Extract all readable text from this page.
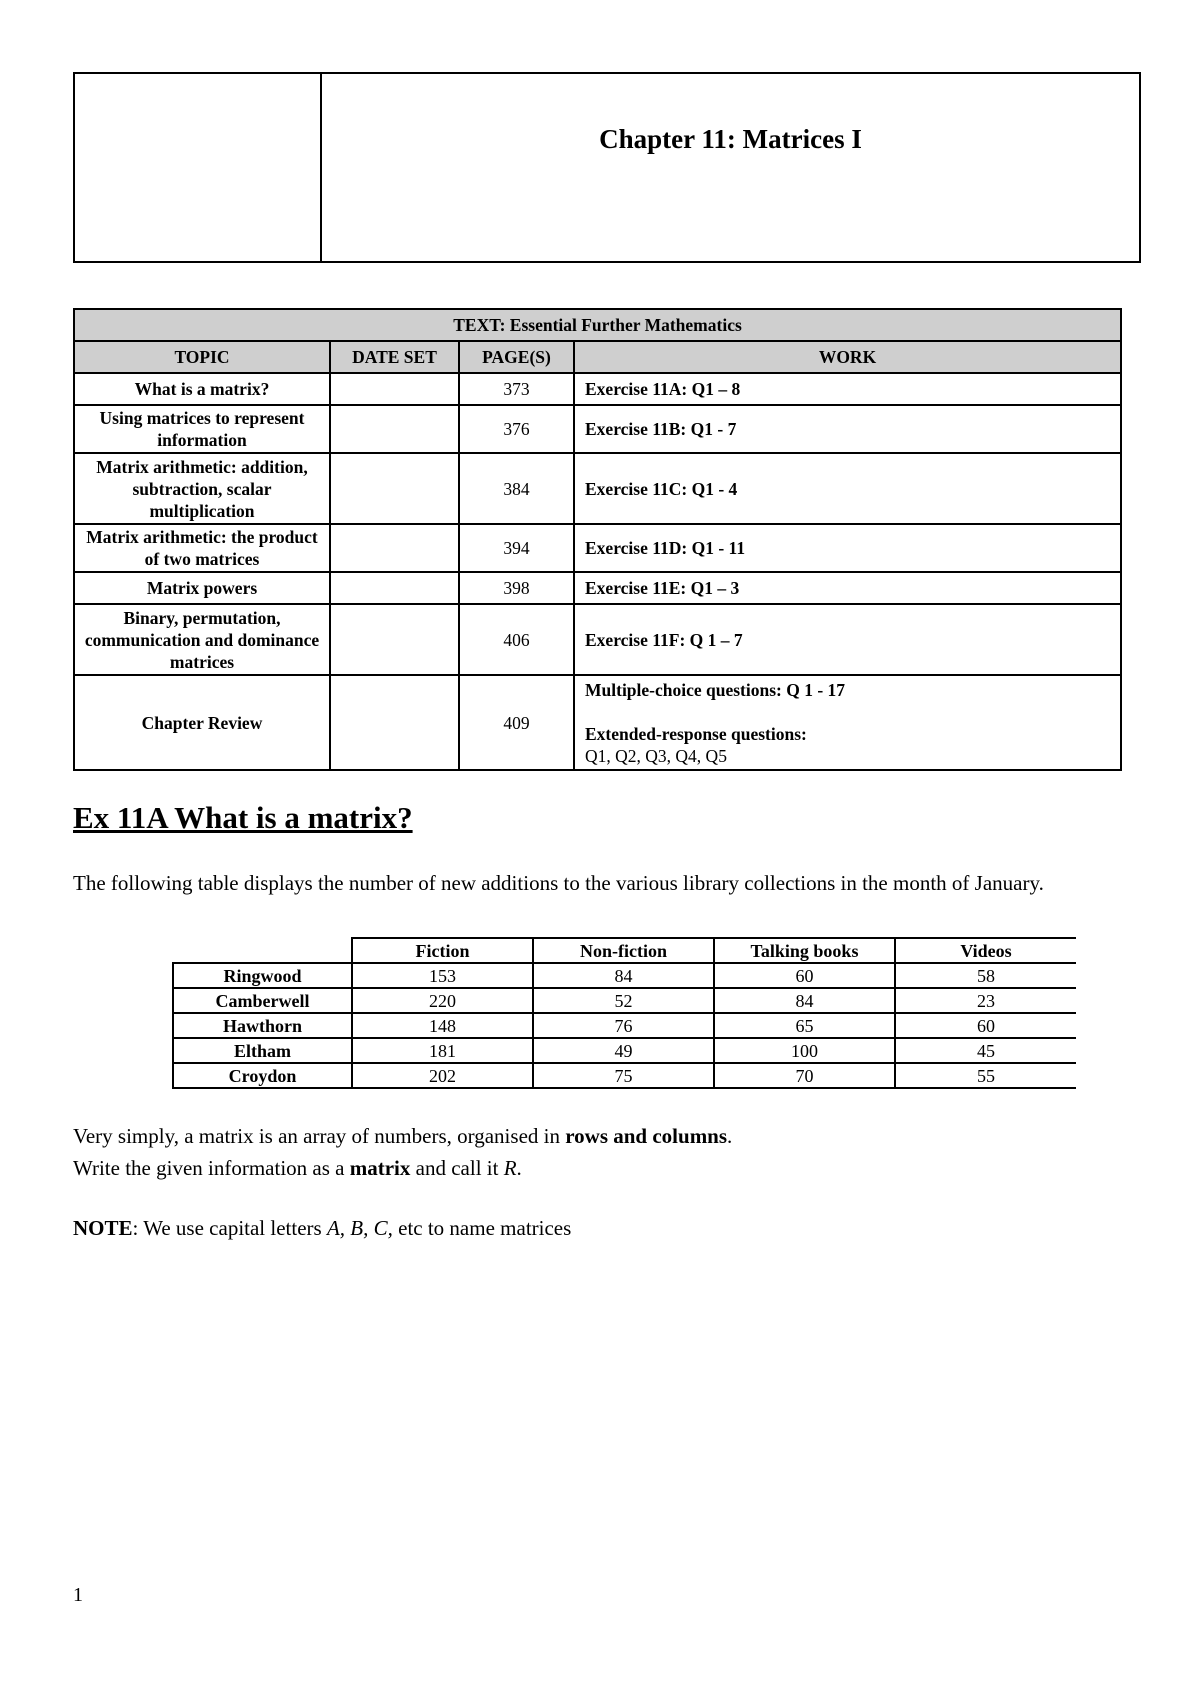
Chapter 11: Matrices I
TEXT: Essential Further Mathematics			
TOPIC	DATE SET	PAGE(S)	WORK
What is a matrix?		373	Exercise 11A: Q1 – 8
Using matrices to represent information		376	Exercise 11B: Q1 - 7
Matrix arithmetic: addition, subtraction, scalar multiplication		384	Exercise 11C: Q1 - 4
Matrix arithmetic: the product of two matrices		394	Exercise 11D: Q1 - 11
Matrix powers		398	Exercise 11E: Q1 – 3
Binary, permutation, communication and dominance matrices		406	Exercise 11F: Q 1 – 7
Chapter Review		409	Multiple-choice questions: Q 1 - 17
Extended-response questions:
Q1, Q2, Q3, Q4, Q5
Ex 11A What is a matrix?

The following table displays the number of new additions to the various library collections in the month of January.

	Fiction	Non-fiction	Talking books	Videos
Ringwood	153	84	60	58
Camberwell	220	52	84	23
Hawthorn	148	76	65	60
Eltham	181	49	100	45
Croydon	202	75	70	55

Very simply, a matrix is an array of numbers, organised in rows and columns.

Write the given information as a matrix and call it R.

NOTE: We use capital letters A, B, C, etc to name matrices

1
